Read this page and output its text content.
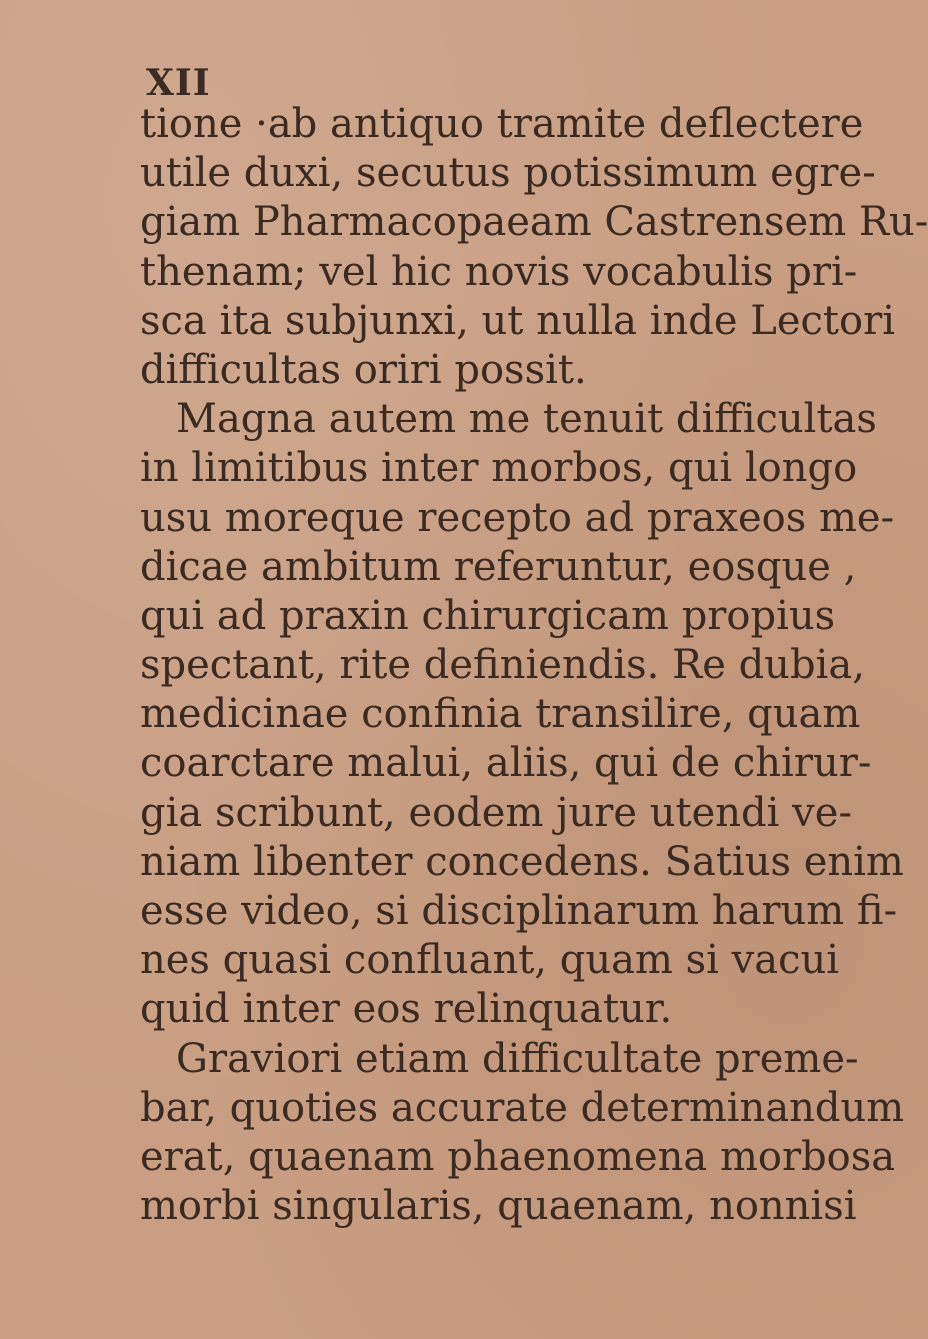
XII
tione ·ab antiquo tramite deflectere
utile duxi, secutus potissimum egre-
giam Pharmacopaeam Castrensem Ru-
thenam; vel hic novis vocabulis pri-
sca ita subjunxi, ut nulla inde Lectori
difficultas oriri possit.
Magna autem me tenuit difficultas
in limitibus inter morbos, qui longo
usu moreque recepto ad praxeos me-
dicae ambitum referuntur, eosque ,
qui ad praxin chirurgicam propius
spectant, rite definiendis. Re dubia,
medicinae confinia transilire, quam
coarctare malui, aliis, qui de chirur-
gia scribunt, eodem jure utendi ve-
niam libenter concedens. Satius enim
esse video, si disciplinarum harum fi-
nes quasi confluant, quam si vacui
quid inter eos relinquatur.
Graviori etiam difficultate preme-
bar, quoties accurate determinandum
erat, quaenam phaenomena morbosa
morbi singularis, quaenam, nonnisi
